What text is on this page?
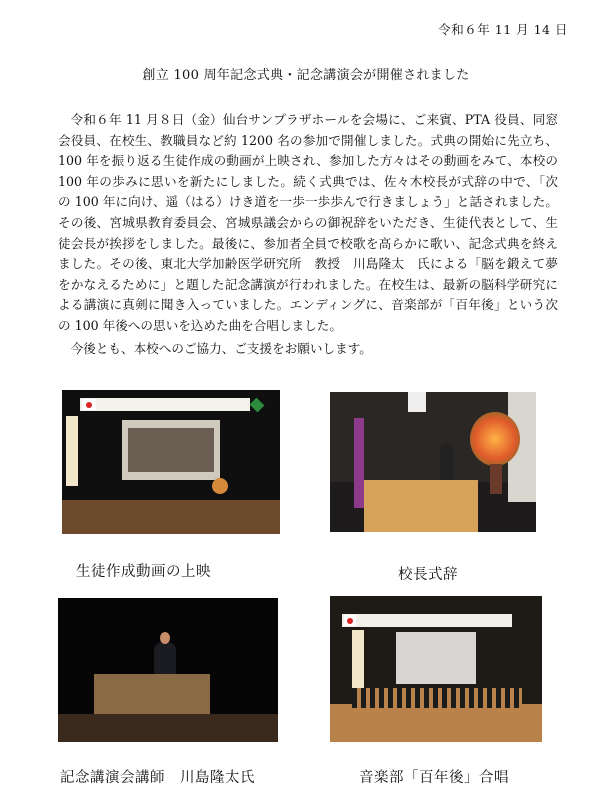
令和６年 11 月 14 日
創立 100 周年記念式典・記念講演会が開催されました

令和６年 11 月８日（金）仙台サンプラザホールを会場に、ご来賓、PTA 役員、同窓会役員、在校生、教職員など約 1200 名の参加で開催しました。式典の開始に先立ち、100 年を振り返る生徒作成の動画が上映され、参加した方々はその動画をみて、本校の 100 年の歩みに思いを新たにしました。続く式典では、佐々木校長が式辞の中で、「次の 100 年に向け、遥（はる）けき道を一歩一歩歩んで行きましょう」と話されました。その後、宮城県教育委員会、宮城県議会からの御祝辞をいただき、生徒代表として、生徒会長が挨拶をしました。最後に、参加者全員で校歌を高らかに歌い、記念式典を終えました。その後、東北大学加齢医学研究所　教授　川島隆太　氏による「脳を鍛えて夢をかなえるために」と題した記念講演が行われました。在校生は、最新の脳科学研究による講演に真剣に聞き入っていました。エンディングに、音楽部が「百年後」という次の 100 年後への思いを込めた曲を合唱しました。

今後とも、本校へのご協力、ご支援をお願いします。

生徒作成動画の上映	校長式辞
記念講演会講師　川島隆太氏	音楽部「百年後」合唱
